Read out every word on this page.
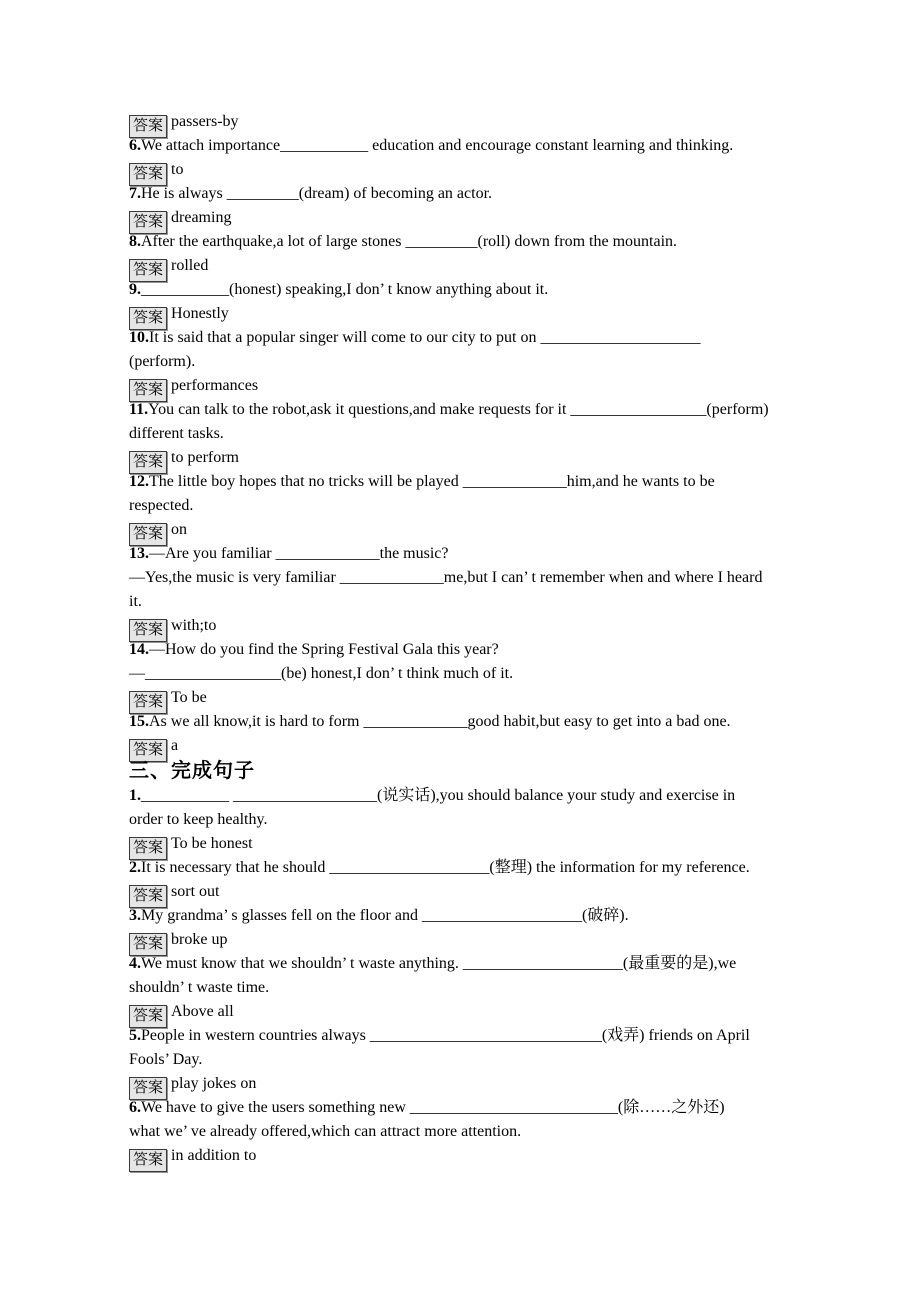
答案 passers-by
6.We attach importance___________ education and encourage constant learning and thinking.
答案 to
7.He is always _________(dream) of becoming an actor.
答案 dreaming
8.After the earthquake,a lot of large stones _________(roll) down from the mountain.
答案 rolled
9.___________(honest) speaking,I don’ t know anything about it.
答案 Honestly
10.It is said that a popular singer will come to our city to put on ____________________
(perform).
答案 performances
11.You can talk to the robot,ask it questions,and make requests for it _________________(perform)
different tasks.
答案 to perform
12.The little boy hopes that no tricks will be played _____________him,and he wants to be
respected.
答案 on
13.—Are you familiar _____________the music?
—Yes,the music is very familiar _____________me,but I can’ t remember when and where I heard
it.
答案 with;to
14.—How do you find the Spring Festival Gala this year?
—_________________(be) honest,I don’ t think much of it.
答案 To be
15.As we all know,it is hard to form _____________good habit,but easy to get into a bad one.
答案 a
三、完成句子
1.___________ __________________(说实话),you should balance your study and exercise in
order to keep healthy.
答案 To be honest
2.It is necessary that he should ____________________(整理) the information for my reference.
答案 sort out
3.My grandma’ s glasses fell on the floor and ____________________(破碎).
答案 broke up
4.We must know that we shouldn’ t waste anything. ____________________(最重要的是),we
shouldn’ t waste time.
答案 Above all
5.People in western countries always _____________________________(戏弄) friends on April
Fools’ Day.
答案 play jokes on
6.We have to give the users something new __________________________(除……之外还)
what we’ ve already offered,which can attract more attention.
答案 in addition to
